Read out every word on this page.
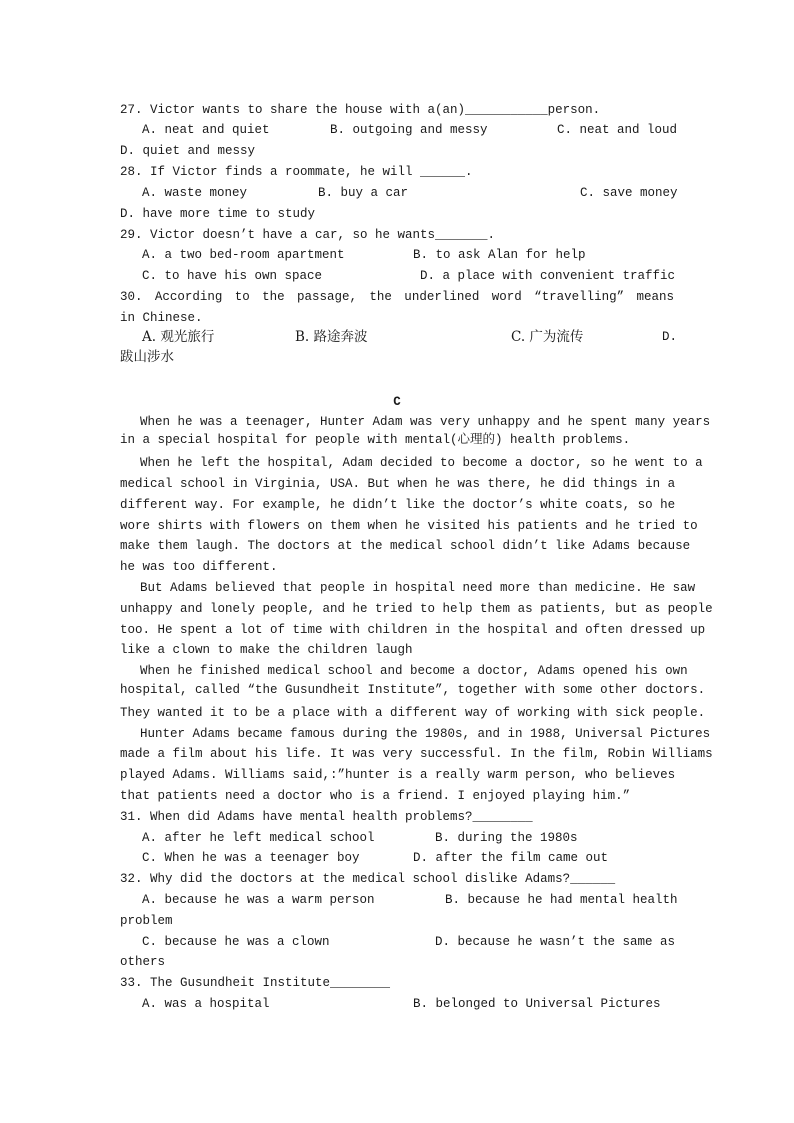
27. Victor wants to share the house with a(an)___________person.
A. neat and quiet	B. outgoing and messy	C. neat and loud
D. quiet and messy
28. If Victor finds a roommate, he will ______.
A. waste money	B. buy a car	C. save money
D. have more time to study
29. Victor doesn’t have a car, so he wants_______.
A. a two bed-room apartment	B. to ask Alan for help
C. to have his own space	D. a place with convenient traffic
30. According to the passage, the underlined word “travelling” means
in Chinese.
A. 观光旅行	B. 路途奔波	C. 广为流传	D.
跋山涉水
C
When he was a teenager, Hunter Adam was very unhappy and he spent many years
in a special hospital for people with mental(心理的) health problems.
When he left the hospital, Adam decided to become a doctor, so he went to a
medical school in Virginia, USA. But when he was there, he did things in a
different way. For example, he didn’t like the doctor’s white coats, so he
wore shirts with flowers on them when he visited his patients and he tried to
make them laugh. The doctors at the medical school didn’t like Adams because
he was too different.
But Adams believed that people in hospital need more than medicine. He saw
unhappy and lonely people, and he tried to help them as patients, but as people
too. He spent a lot of time with children in the hospital and often dressed up
like a clown to make the children laugh
When he finished medical school and become a doctor, Adams opened his own
hospital, called “the Gusundheit Institute”, together with some other doctors.
They wanted it to be a place with a different way of working with sick people.
Hunter Adams became famous during the 1980s, and in 1988, Universal Pictures
made a film about his life. It was very successful. In the film, Robin Williams
played Adams. Williams said,:”hunter is a really warm person, who believes
that patients need a doctor who is a friend. I enjoyed playing him.”
31. When did Adams have mental health problems?________
A. after he left medical school	B. during the 1980s
C. When he was a teenager boy	D. after the film came out
32. Why did the doctors at the medical school dislike Adams?______
A. because he was a warm person	B. because he had mental health
problem
C. because he was a clown	D. because he wasn’t the same as
others
33. The Gusundheit Institute________
A. was a hospital	B. belonged to Universal Pictures
